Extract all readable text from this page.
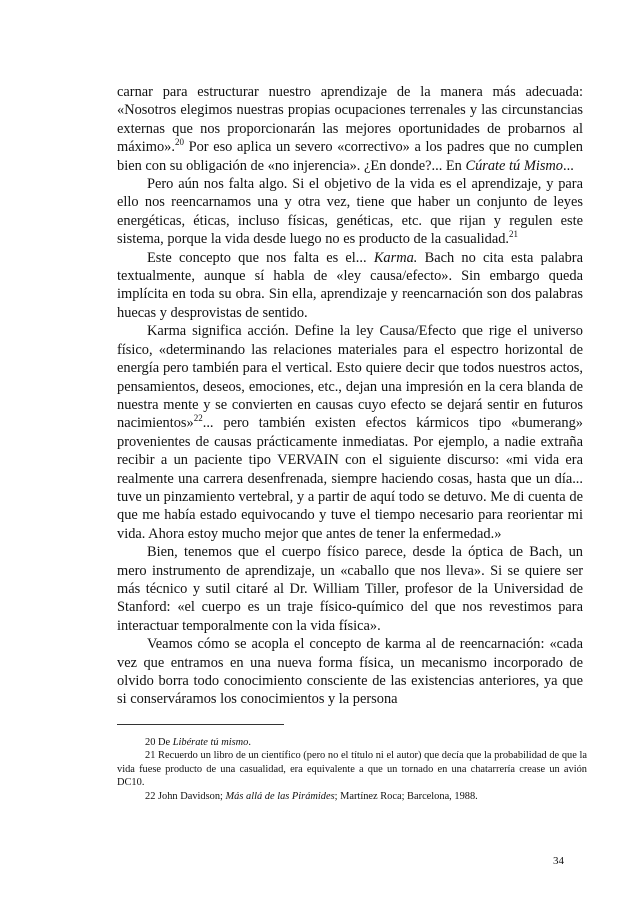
carnar para estructurar nuestro aprendizaje de la manera más adecuada: «Nosotros elegimos nuestras propias ocupaciones terrenales y las circunstancias externas que nos proporcionarán las mejores oportunidades de probarnos al máximo».$^{20}$ Por eso aplica un severo «correctivo» a los padres que no cumplen bien con su obligación de «no injerencia». ¿En donde?... En Cúrate tú Mismo...

Pero aún nos falta algo. Si el objetivo de la vida es el aprendizaje, y para ello nos reencarnamos una y otra vez, tiene que haber un conjunto de leyes energéticas, éticas, incluso físicas, genéticas, etc. que rijan y regulen este sistema, porque la vida desde luego no es producto de la casualidad.$^{21}$

Este concepto que nos falta es el... Karma. Bach no cita esta palabra textualmente, aunque sí habla de «ley causa/efecto». Sin embargo queda implícita en toda su obra. Sin ella, aprendizaje y reencarnación son dos palabras huecas y desprovistas de sentido.

Karma significa acción. Define la ley Causa/Efecto que rige el universo físico, «determinando las relaciones materiales para el espectro horizontal de energía pero también para el vertical. Esto quiere decir que todos nuestros actos, pensamientos, deseos, emociones, etc., dejan una impresión en la cera blanda de nuestra mente y se convierten en causas cuyo efecto se dejará sentir en futuros nacimientos»$^{22}$... pero también existen efectos kármicos tipo «bumerang» provenientes de causas prácticamente inmediatas. Por ejemplo, a nadie extraña recibir a un paciente tipo VERVAIN con el siguiente discurso: «mi vida era realmente una carrera desenfrenada, siempre haciendo cosas, hasta que un día... tuve un pinzamiento vertebral, y a partir de aquí todo se detuvo. Me di cuenta de que me había estado equivocando y tuve el tiempo necesario para reorientar mi vida. Ahora estoy mucho mejor que antes de tener la enfermedad.»

Bien, tenemos que el cuerpo físico parece, desde la óptica de Bach, un mero instrumento de aprendizaje, un «caballo que nos lleva». Si se quiere ser más técnico y sutil citaré al Dr. William Tiller, profesor de la Universidad de Stanford: «el cuerpo es un traje físico-químico del que nos revestimos para interactuar temporalmente con la vida física».

Veamos cómo se acopla el concepto de karma al de reencarnación: «cada vez que entramos en una nueva forma física, un mecanismo incorporado de olvido borra todo conocimiento consciente de las existencias anteriores, ya que si conserváramos los conocimientos y la persona

20 De Libérate tú mismo.

21 Recuerdo un libro de un científico (pero no el título ni el autor) que decía que la probabilidad de que la vida fuese producto de una casualidad, era equivalente a que un tornado en una chatarrería crease un avión DC10.

22 John Davidson; Más allá de las Pirámides; Martínez Roca; Barcelona, 1988.

34
